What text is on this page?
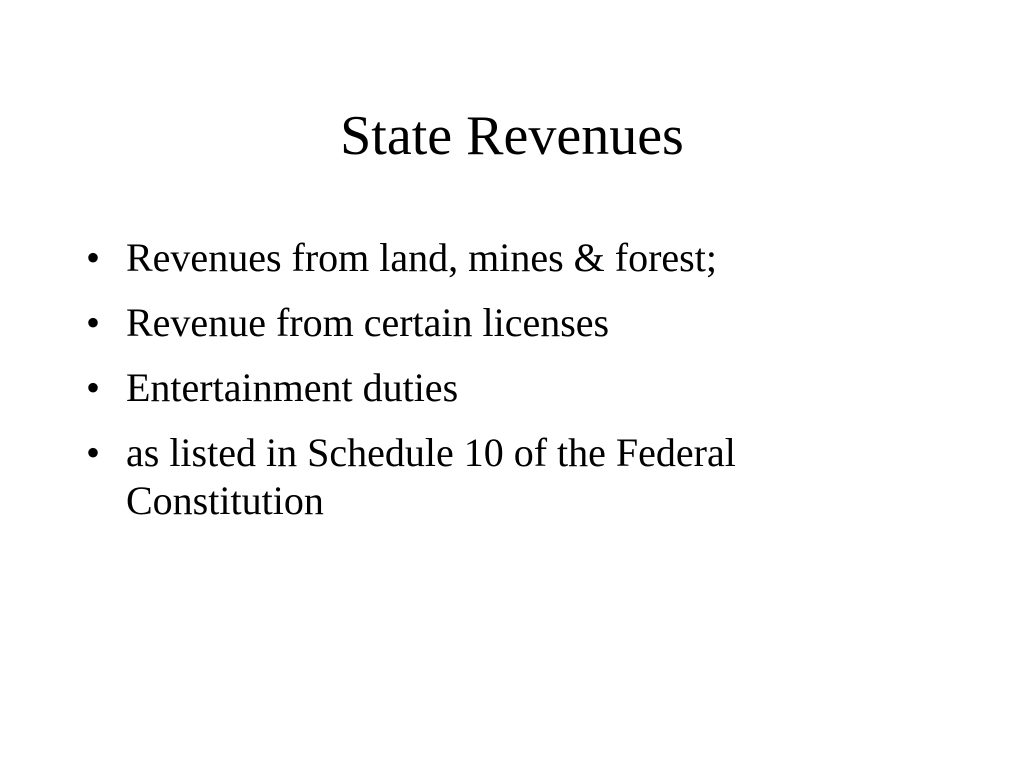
State Revenues
• Revenues from land, mines & forest;
• Revenue from certain licenses
• Entertainment duties
• as listed in Schedule 10 of the Federal Constitution
